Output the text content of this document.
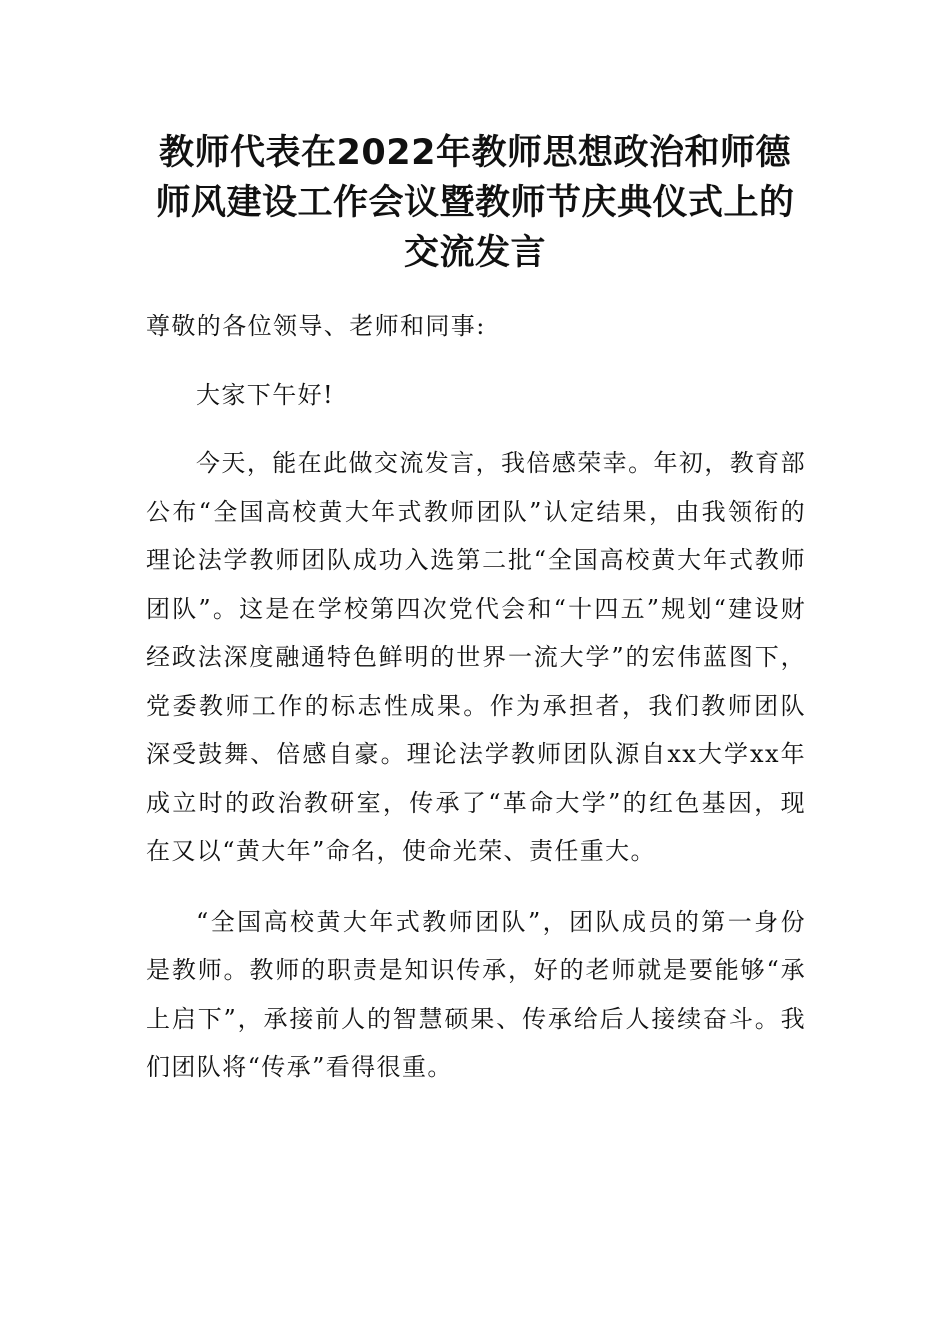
教师代表在2022年教师思想政治和师德
师风建设工作会议暨教师节庆典仪式上的
交流发言

尊敬的各位领导、老师和同事:

大家下午好!

今天，能在此做交流发言，我倍感荣幸。年初，教育部公布“全国高校黄大年式教师团队”认定结果，由我领衔的理论法学教师团队成功入选第二批“全国高校黄大年式教师团队”。这是在学校第四次党代会和“十四五”规划“建设财经政法深度融通特色鲜明的世界一流大学”的宏伟蓝图下，党委教师工作的标志性成果。作为承担者，我们教师团队深受鼓舞、倍感自豪。理论法学教师团队源自xx大学xx年成立时的政治教研室，传承了“革命大学”的红色基因，现在又以“黄大年”命名，使命光荣、责任重大。

“全国高校黄大年式教师团队”，团队成员的第一身份是教师。教师的职责是知识传承，好的老师就是要能够“承上启下”，承接前人的智慧硕果、传承给后人接续奋斗。我们团队将“传承”看得很重。
